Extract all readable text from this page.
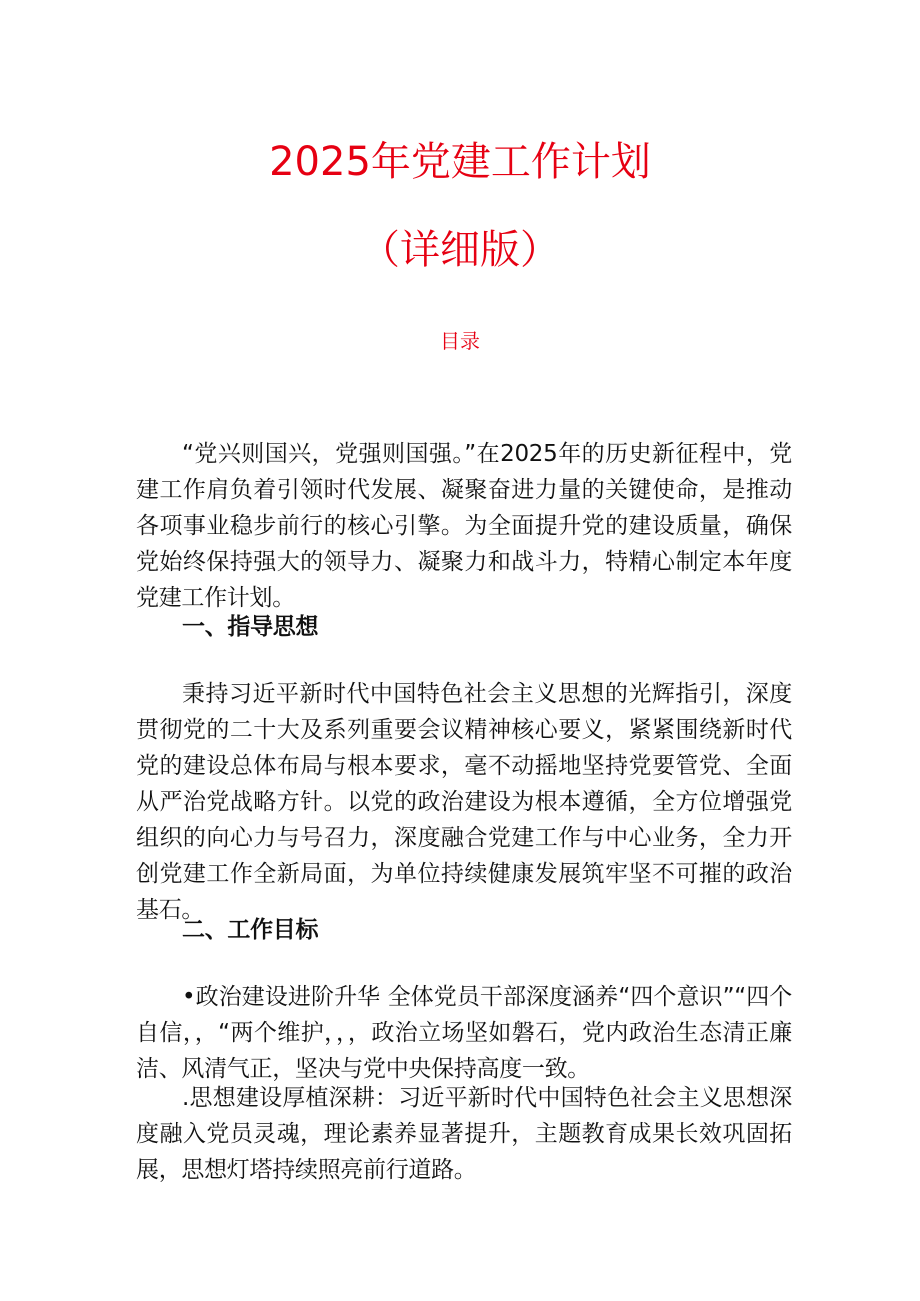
2025年党建工作计划
（详细版）
目录

“党兴则国兴，党强则国强。”在2025年的历史新征程中，党建工作肩负着引领时代发展、凝聚奋进力量的关键使命，是推动各项事业稳步前行的核心引擎。为全面提升党的建设质量，确保党始终保持强大的领导力、凝聚力和战斗力，特精心制定本年度党建工作计划。

一、指导思想

秉持习近平新时代中国特色社会主义思想的光辉指引，深度贯彻党的二十大及系列重要会议精神核心要义，紧紧围绕新时代党的建设总体布局与根本要求，毫不动摇地坚持党要管党、全面从严治党战略方针。以党的政治建设为根本遵循，全方位增强党组织的向心力与号召力，深度融合党建工作与中心业务，全力开创党建工作全新局面，为单位持续健康发展筑牢坚不可摧的政治基石。

二、工作目标

•政治建设进阶升华 全体党员干部深度涵养“四个意识”“四个自信，，“两个维护，，，政治立场坚如磐石，党内政治生态清正廉洁、风清气正，坚决与党中央保持高度一致。

.思想建设厚植深耕：习近平新时代中国特色社会主义思想深度融入党员灵魂，理论素养显著提升，主题教育成果长效巩固拓展，思想灯塔持续照亮前行道路。
